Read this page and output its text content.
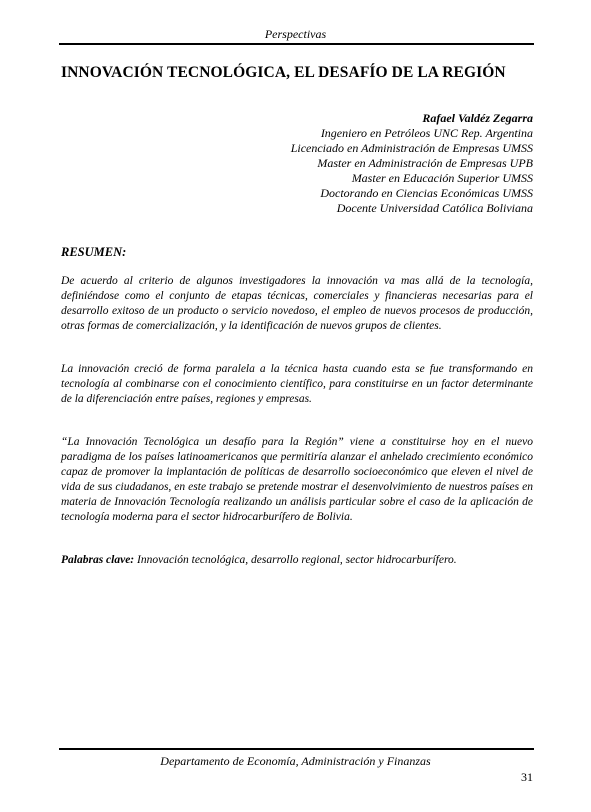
Perspectivas
INNOVACIÓN TECNOLÓGICA, EL DESAFÍO DE LA REGIÓN
Rafael Valdéz Zegarra
Ingeniero en Petróleos UNC Rep. Argentina
Licenciado en Administración de Empresas UMSS
Master en Administración de Empresas UPB
Master en Educación Superior UMSS
Doctorando en Ciencias Económicas UMSS
Docente Universidad Católica Boliviana
RESUMEN:
De acuerdo al criterio de algunos investigadores la innovación va mas allá de la tecnología, definiéndose como el conjunto de etapas técnicas, comerciales y financieras necesarias para el desarrollo exitoso de un producto o servicio novedoso, el empleo de nuevos procesos de producción, otras formas de comercialización, y la identificación de nuevos grupos de clientes.
La innovación creció de forma paralela a la técnica hasta cuando esta se fue transformando en tecnología al combinarse con el conocimiento científico, para constituirse en un factor determinante de la diferenciación entre países, regiones y empresas.
“La Innovación Tecnológica un desafío para la Región” viene a constituirse hoy en el nuevo paradigma de los países latinoamericanos que permitiría alanzar el anhelado crecimiento económico capaz de promover la implantación de políticas de desarrollo socioeconómico que eleven el nivel de vida de sus ciudadanos, en este trabajo se pretende mostrar el desenvolvimiento de nuestros países en materia de Innovación Tecnología realizando un análisis particular sobre el caso de la aplicación de tecnología moderna para el sector hidrocarburífero de Bolivia.
Palabras clave: Innovación tecnológica, desarrollo regional, sector hidrocarburífero.
Departamento de Economía, Administración y Finanzas
31
